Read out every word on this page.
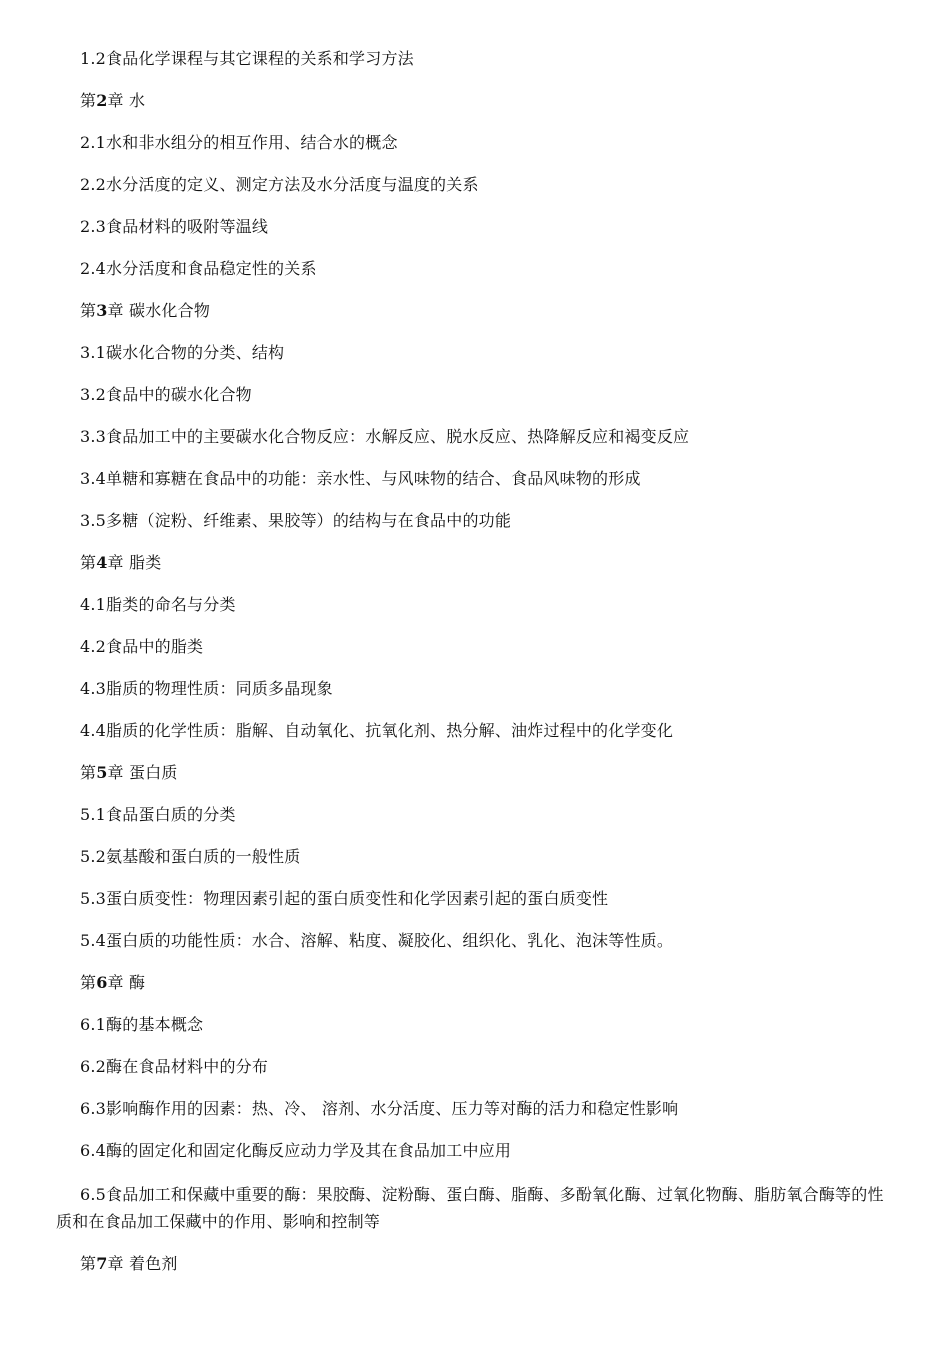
1.2食品化学课程与其它课程的关系和学习方法
第2章 水
2.1水和非水组分的相互作用、结合水的概念
2.2水分活度的定义、测定方法及水分活度与温度的关系
2.3食品材料的吸附等温线
2.4水分活度和食品稳定性的关系
第3章 碳水化合物
3.1碳水化合物的分类、结构
3.2食品中的碳水化合物
3.3食品加工中的主要碳水化合物反应：水解反应、脱水反应、热降解反应和褐变反应
3.4单糖和寡糖在食品中的功能：亲水性、与风味物的结合、食品风味物的形成
3.5多糖（淀粉、纤维素、果胶等）的结构与在食品中的功能
第4章 脂类
4.1脂类的命名与分类
4.2食品中的脂类
4.3脂质的物理性质：同质多晶现象
4.4脂质的化学性质：脂解、自动氧化、抗氧化剂、热分解、油炸过程中的化学变化
第5章 蛋白质
5.1食品蛋白质的分类
5.2氨基酸和蛋白质的一般性质
5.3蛋白质变性：物理因素引起的蛋白质变性和化学因素引起的蛋白质变性
5.4蛋白质的功能性质：水合、溶解、粘度、凝胶化、组织化、乳化、泡沫等性质。
第6章 酶
6.1酶的基本概念
6.2酶在食品材料中的分布
6.3影响酶作用的因素：热、冷、 溶剂、水分活度、压力等对酶的活力和稳定性影响
6.4酶的固定化和固定化酶反应动力学及其在食品加工中应用
6.5食品加工和保藏中重要的酶：果胶酶、淀粉酶、蛋白酶、脂酶、多酚氧化酶、过氧化物酶、脂肪氧合酶等的性质和在食品加工保藏中的作用、影响和控制等
第7章 着色剂
